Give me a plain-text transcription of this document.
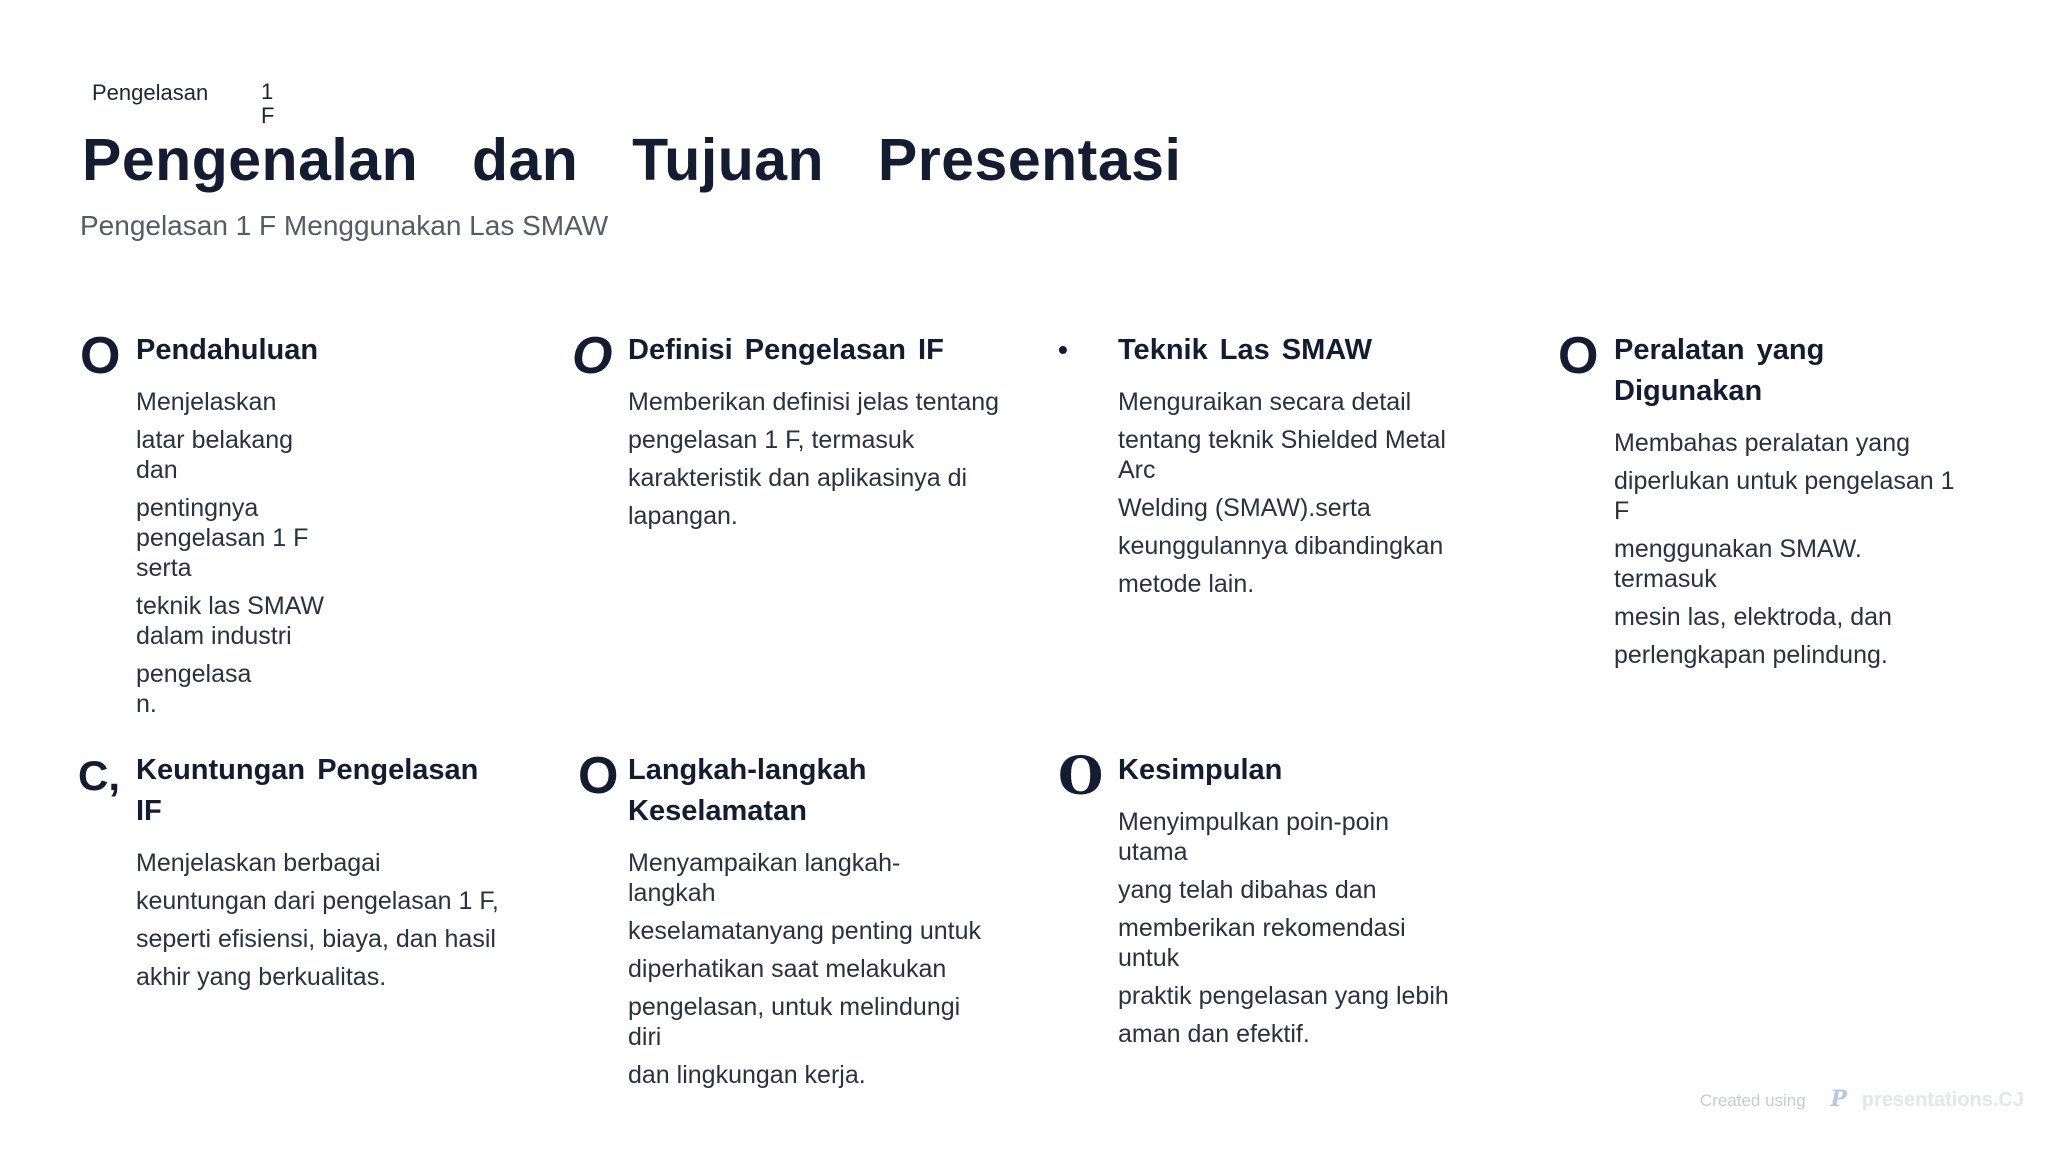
Pengelasan 1
F
Pengenalan  dan  Tujuan  Presentasi
Pengelasan 1 F Menggunakan Las SMAW
O Pendahuluan
Menjelaskan
latar belakang dan
pentingnya pengelasan 1 F serta
teknik las SMAW dalam industri
pengelasan.
O Definisi Pengelasan IF
Memberikan definisi jelas tentang
pengelasan 1 F, termasuk
karakteristik dan aplikasinya di
lapangan.
• Teknik Las SMAW
Menguraikan secara detail
tentang teknik Shielded Metal Arc
Welding (SMAW).serta
keunggulannya dibandingkan
metode lain.
O Peralatan yang Digunakan
Membahas peralatan yang
diperlukan untuk pengelasan 1 F
menggunakan SMAW. termasuk
mesin las, elektroda, dan
perlengkapan pelindung.
C, Keuntungan Pengelasan IF
Menjelaskan berbagai
keuntungan dari pengelasan 1 F,
seperti efisiensi, biaya, dan hasil
akhir yang berkualitas.
O Langkah-langkah Keselamatan
Menyampaikan langkah-langkah
keselamatanyang penting untuk
diperhatikan saat melakukan
pengelasan, untuk melindungi diri
dan lingkungan kerja.
O Kesimpulan
Menyimpulkan poin-poin utama
yang telah dibahas dan
memberikan rekomendasi untuk
praktik pengelasan yang lebih
aman dan efektif.
Created using P presentations.CJ
